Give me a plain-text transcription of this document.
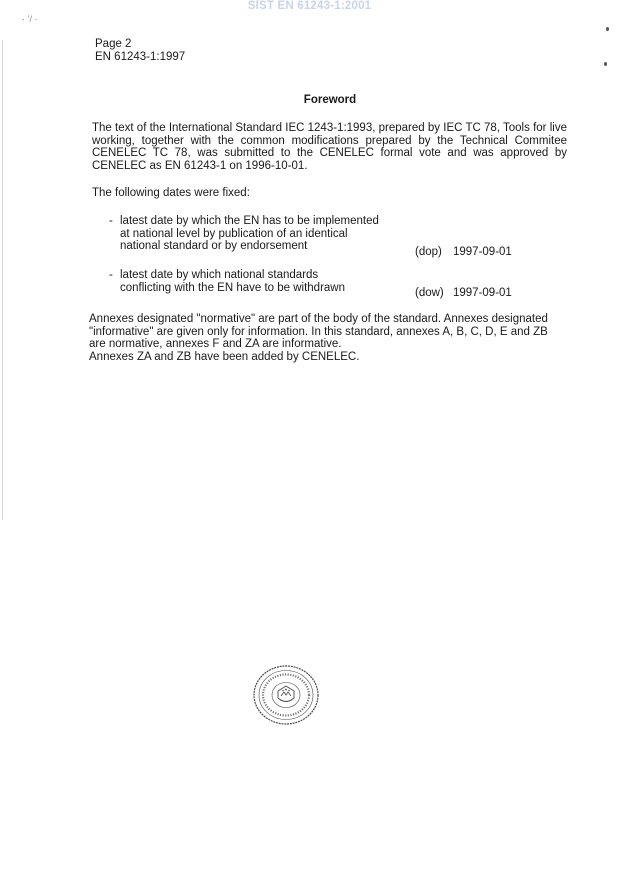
SIST EN 61243-1:2001
· ’/ ·
Page 2
EN 61243-1:1997
Foreword

The text of the International Standard IEC 1243-1:1993, prepared by IEC TC 78, Tools for live working, together with the common modifications prepared by the Technical Commitee CENELEC TC 78, was submitted to the CENELEC formal vote and was approved by CENELEC as EN 61243-1 on 1996-10-01.

The following dates were fixed:

- latest date by which the EN has to be implemented
at national level by publication of an identical
national standard or by endorsement	(dop) 1997-09-01
- latest date by which national standards
conflicting with the EN have to be withdrawn	(dow) 1997-09-01

Annexes designated "normative" are part of the body of the standard. Annexes designated
"informative" are given only for information. In this standard, annexes A, B, C, D, E and ZB
are normative, annexes F and ZA are informative.
Annexes ZA and ZB have been added by CENELEC.
